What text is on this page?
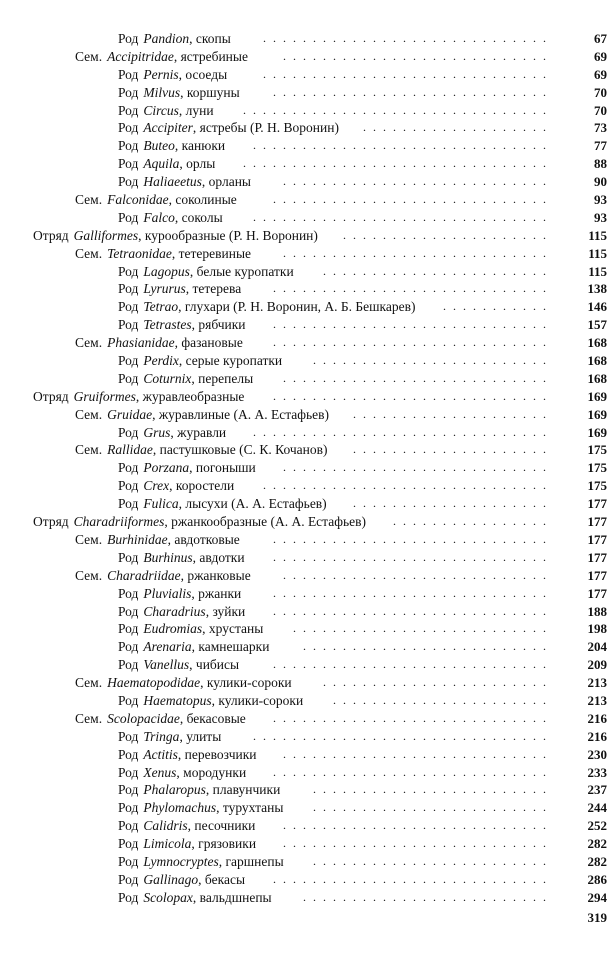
Род Pandion, скопы	.............................	67
Сем. Accipitridae, ястребиные	...........................	69
Род Pernis, осоеды	.............................	69
Род Milvus, коршуны	............................	70
Род Circus, луни	...............................	70
Род Accipiter, ястребы (Р. Н. Воронин)	...................	73
Род Buteo, канюки	..............................	77
Род Aquila, орлы	...............................	88
Род Haliaeetus, орланы	...........................	90
Сем. Falconidae, соколиные	............................	93
Род Falco, соколы	..............................	93
Отряд Galliformes, курообразные (Р. Н. Воронин)	.....................	115
Сем. Tetraonidae, тетеревиные	...........................	115
Род Lagopus, белые куропатки	.......................	115
Род Lyrurus, тетерева	............................	138
Род Tetrao, глухари (Р. Н. Воронин, А. Б. Бешкарев)	...........	146
Род Tetrastes, рябчики	............................	157
Сем. Phasianidae, фазановые	............................	168
Род Perdix, серые куропатки	........................	168
Род Coturnix, перепелы	...........................	168
Отряд Gruiformes, журавлеобразные	............................	169
Сем. Gruidae, журавлиные (А. А. Естафьев)	....................	169
Род Grus, журавли	..............................	169
Сем. Rallidae, пастушковые (С. К. Кочанов)	....................	175
Род Porzana, погоныши	...........................	175
Род Crex, коростели	.............................	175
Род Fulica, лысухи (А. А. Естафьев)	....................	177
Отряд Charadriiformes, ржанкообразные (А. А. Естафьев)	................	177
Сем. Burhinidae, авдотковые	............................	177
Род Burhinus, авдотки	............................	177
Сем. Charadriidae, ржанковые	...........................	177
Род Pluvialis, ржанки	............................	177
Род Charadrius, зуйки	............................	188
Род Eudromias, хрустаны	..........................	198
Род Arenaria, камнешарки	.........................	204
Род Vanellus, чибисы	............................	209
Сем. Haematopodidae, кулики-сороки	.......................	213
Род Haematopus, кулики-сороки	......................	213
Сем. Scolopacidae, бекасовые	............................	216
Род Tringa, улиты	..............................	216
Род Actitis, перевозчики	...........................	230
Род Xenus, мородунки	............................	233
Род Phalaropus, плавунчики	........................	237
Род Phylomachus, турухтаны	........................	244
Род Calidris, песочники	...........................	252
Род Limicola, грязовики	...........................	282
Род Lymnocryptes, гаршнепы	........................	282
Род Gallinago, бекасы	............................	286
Род Scolopax, вальдшнепы	.........................	294
319
